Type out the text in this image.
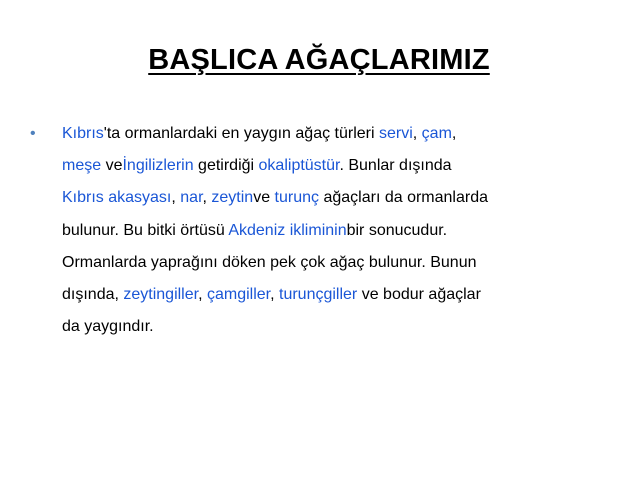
BAŞLICA AĞAÇLARIMIZ
• Kıbrıs'ta ormanlardaki en yaygın ağaç türleri servi, çam,
meşe veİngilizlerin getirdiği okaliptüstür. Bunlar dışında
Kıbrıs akasyası, nar, zeytinve turunç ağaçları da ormanlarda
bulunur. Bu bitki örtüsü Akdeniz iklimininbir sonucudur.
Ormanlarda yaprağını döken pek çok ağaç bulunur. Bunun
dışında, zeytingiller, çamgiller, turunçgiller ve bodur ağaçlar
da yaygındır.
